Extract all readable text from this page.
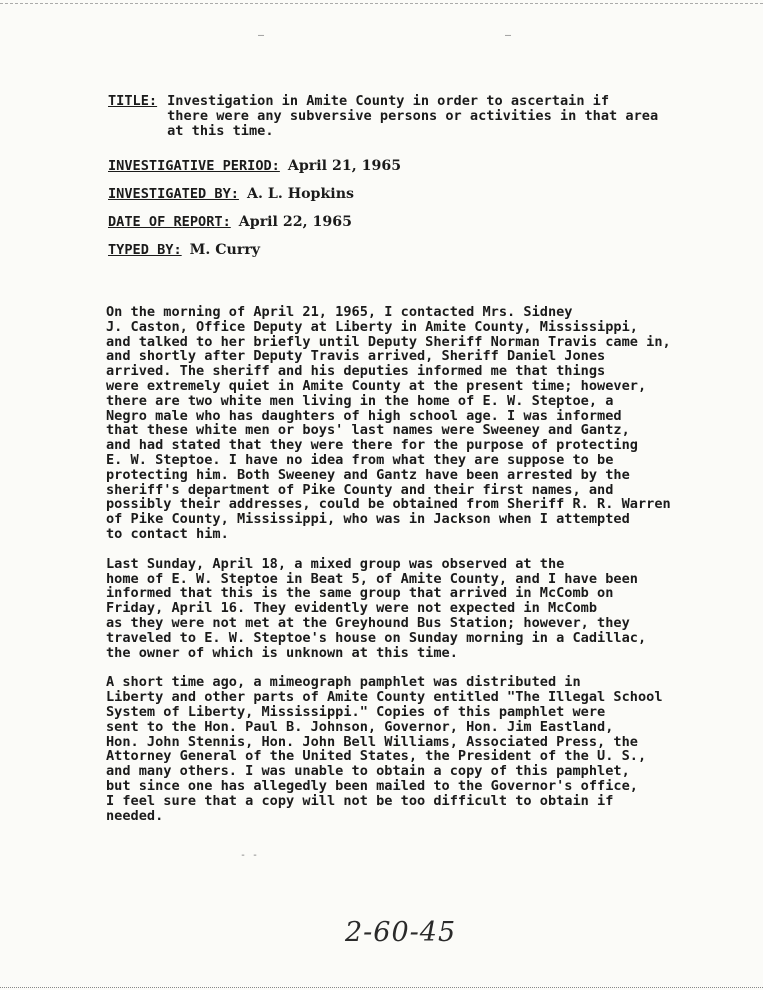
—	—
TITLE: Investigation in Amite County in order to ascertain if
there were any subversive persons or activities in that area
at this time.
INVESTIGATIVE PERIOD: April 21, 1965
INVESTIGATED BY: A. L. Hopkins
DATE OF REPORT: April 22, 1965
TYPED BY: M. Curry

On the morning of April 21, 1965, I contacted Mrs. Sidney
J. Caston, Office Deputy at Liberty in Amite County, Mississippi,
and talked to her briefly until Deputy Sheriff Norman Travis came in,
and shortly after Deputy Travis arrived, Sheriff Daniel Jones
arrived. The sheriff and his deputies informed me that things
were extremely quiet in Amite County at the present time; however,
there are two white men living in the home of E. W. Steptoe, a
Negro male who has daughters of high school age. I was informed
that these white men or boys' last names were Sweeney and Gantz,
and had stated that they were there for the purpose of protecting
E. W. Steptoe. I have no idea from what they are suppose to be
protecting him. Both Sweeney and Gantz have been arrested by the
sheriff's department of Pike County and their first names, and
possibly their addresses, could be obtained from Sheriff R. R. Warren
of Pike County, Mississippi, who was in Jackson when I attempted
to contact him.

Last Sunday, April 18, a mixed group was observed at the
home of E. W. Steptoe in Beat 5, of Amite County, and I have been
informed that this is the same group that arrived in McComb on
Friday, April 16. They evidently were not expected in McComb
as they were not met at the Greyhound Bus Station; however, they
traveled to E. W. Steptoe's house on Sunday morning in a Cadillac,
the owner of which is unknown at this time.

A short time ago, a mimeograph pamphlet was distributed in
Liberty and other parts of Amite County entitled "The Illegal School
System of Liberty, Mississippi." Copies of this pamphlet were
sent to the Hon. Paul B. Johnson, Governor, Hon. Jim Eastland,
Hon. John Stennis, Hon. John Bell Williams, Associated Press, the
Attorney General of the United States, the President of the U. S.,
and many others. I was unable to obtain a copy of this pamphlet,
but since one has allegedly been mailed to the Governor's office,
I feel sure that a copy will not be too difficult to obtain if
needed.

- -
2-60-45
